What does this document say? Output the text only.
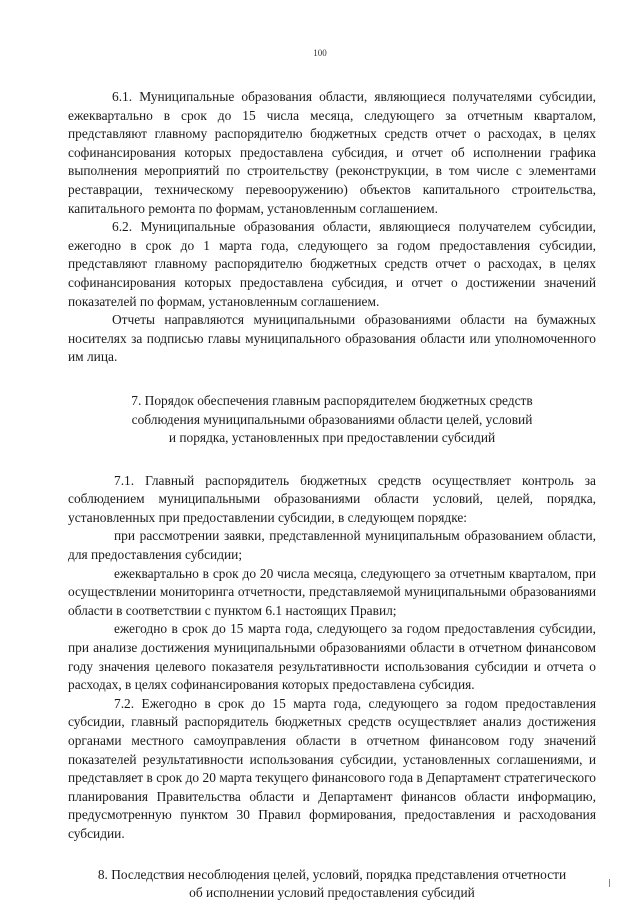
100

6.1. Муниципальные образования области, являющиеся получателями субсидии, ежеквартально в срок до 15 числа месяца, следующего за отчетным кварталом, представляют главному распорядителю бюджетных средств отчет о расходах, в целях софинансирования которых предоставлена субсидия, и отчет об исполнении графика выполнения мероприятий по строительству (реконструкции, в том числе с элементами реставрации, техническому перевооружению) объектов капитального строительства, капитального ремонта по формам, установленным соглашением.

6.2. Муниципальные образования области, являющиеся получателем субсидии, ежегодно в срок до 1 марта года, следующего за годом предоставления субсидии, представляют главному распорядителю бюджетных средств отчет о расходах, в целях софинансирования которых предоставлена субсидия, и отчет о достижении значений показателей по формам, установленным соглашением.

Отчеты направляются муниципальными образованиями области на бумажных носителях за подписью главы муниципального образования области или уполномоченного им лица.

7. Порядок обеспечения главным распорядителем бюджетных средств

соблюдения муниципальными образованиями области целей, условий

и порядка, установленных при предоставлении субсидий

7.1. Главный распорядитель бюджетных средств осуществляет контроль за соблюдением муниципальными образованиями области условий, целей, порядка, установленных при предоставлении субсидии, в следующем порядке:

при рассмотрении заявки, представленной муниципальным образованием области, для предоставления субсидии;

ежеквартально в срок до 20 числа месяца, следующего за отчетным кварталом, при осуществлении мониторинга отчетности, представляемой муниципальными образованиями области в соответствии с пунктом 6.1 настоящих Правил;

ежегодно в срок до 15 марта года, следующего за годом предоставления субсидии, при анализе достижения муниципальными образованиями области в отчетном финансовом году значения целевого показателя результативности использования субсидии и отчета о расходах, в целях софинансирования которых предоставлена субсидия.

7.2. Ежегодно в срок до 15 марта года, следующего за годом предоставления субсидии, главный распорядитель бюджетных средств осуществляет анализ достижения органами местного самоуправления области в отчетном финансовом году значений показателей результативности использования субсидии, установленных соглашениями, и представляет в срок до 20 марта текущего финансового года в Департамент стратегического планирования Правительства области и Департамент финансов области информацию, предусмотренную пунктом 30 Правил формирования, предоставления и расходования субсидии.

8. Последствия несоблюдения целей, условий, порядка представления отчетности

об исполнении условий предоставления субсидий
